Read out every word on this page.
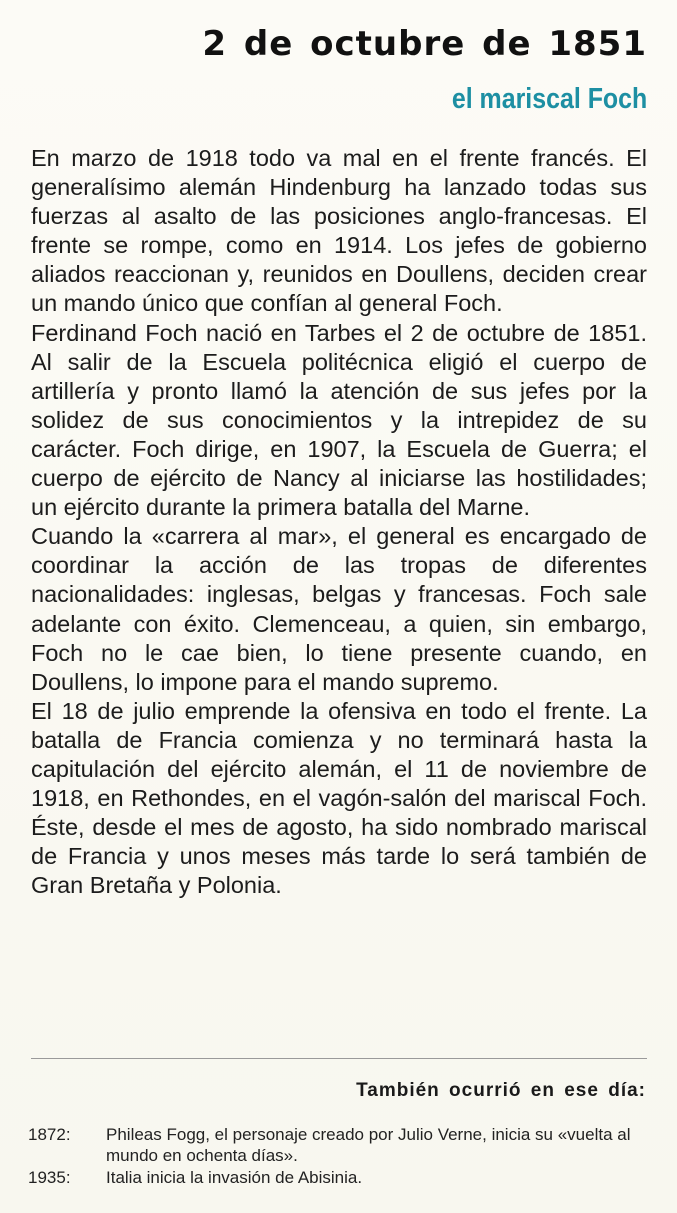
2 de octubre de 1851
el mariscal Foch

En marzo de 1918 todo va mal en el frente francés. El generalísimo alemán Hindenburg ha lanzado todas sus fuerzas al asalto de las posiciones anglo-francesas. El frente se rompe, como en 1914. Los jefes de gobierno aliados reaccionan y, reunidos en Doullens, deciden crear un mando único que confían al general Foch.

Ferdinand Foch nació en Tarbes el 2 de octubre de 1851. Al salir de la Escuela politécnica eligió el cuerpo de artillería y pronto llamó la atención de sus jefes por la solidez de sus conocimientos y la intrepidez de su carácter. Foch dirige, en 1907, la Escuela de Guerra; el cuerpo de ejército de Nancy al iniciarse las hostilidades; un ejército durante la primera batalla del Marne.

Cuando la «carrera al mar», el general es encargado de coordinar la acción de las tropas de diferentes nacionalidades: inglesas, belgas y francesas. Foch sale adelante con éxito. Clemenceau, a quien, sin embargo, Foch no le cae bien, lo tiene presente cuando, en Doullens, lo impone para el mando supremo.

El 18 de julio emprende la ofensiva en todo el frente. La batalla de Francia comienza y no terminará hasta la capitulación del ejército alemán, el 11 de noviembre de 1918, en Rethondes, en el vagón-salón del mariscal Foch. Éste, desde el mes de agosto, ha sido nombrado mariscal de Francia y unos meses más tarde lo será también de Gran Bretaña y Polonia.

También ocurrió en ese día:
1872:	Phileas Fogg, el personaje creado por Julio Verne, inicia su «vuelta al mundo en ochenta días».
1935:	Italia inicia la invasión de Abisinia.
